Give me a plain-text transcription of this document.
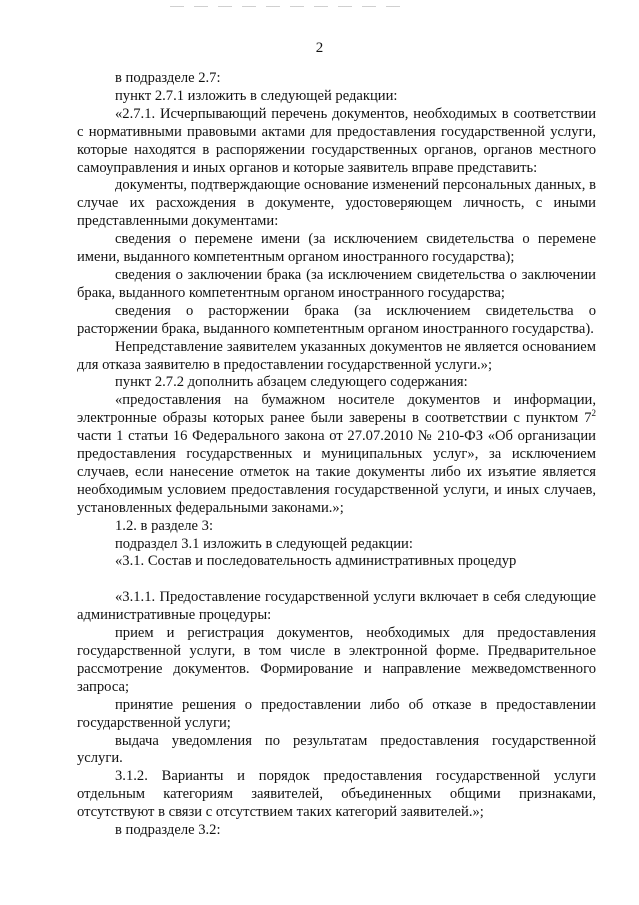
2

в подразделе 2.7:

пункт 2.7.1 изложить в следующей редакции:

«2.7.1. Исчерпывающий перечень документов, необходимых в соответствии с нормативными правовыми актами для предоставления государственной услуги, которые находятся в распоряжении государственных органов, органов местного самоуправления и иных органов и которые заявитель вправе представить:

документы, подтверждающие основание изменений персональных данных, в случае их расхождения в документе, удостоверяющем личность, с иными представленными документами:

сведения о перемене имени (за исключением свидетельства о перемене имени, выданного компетентным органом иностранного государства);

сведения о заключении брака (за исключением свидетельства о заключении брака, выданного компетентным органом иностранного государства;

сведения о расторжении брака (за исключением свидетельства о расторжении брака, выданного компетентным органом иностранного государства).

Непредставление заявителем указанных документов не является основанием для отказа заявителю в предоставлении государственной услуги.»;

пункт 2.7.2 дополнить абзацем следующего содержания:

«предоставления на бумажном носителе документов и информации, электронные образы которых ранее были заверены в соответствии с пунктом $7^2$ части 1 статьи 16 Федерального закона от 27.07.2010 № 210-ФЗ «Об организации предоставления государственных и муниципальных услуг», за исключением случаев, если нанесение отметок на такие документы либо их изъятие является необходимым условием предоставления государственной услуги, и иных случаев, установленных федеральными законами.»;

1.2. в разделе 3:

подраздел 3.1 изложить в следующей редакции:

«3.1. Состав и последовательность административных процедур

«3.1.1. Предоставление государственной услуги включает в себя следующие административные процедуры:

прием и регистрация документов, необходимых для предоставления государственной услуги, в том числе в электронной форме. Предварительное рассмотрение документов. Формирование и направление межведомственного запроса;

принятие решения о предоставлении либо об отказе в предоставлении государственной услуги;

выдача уведомления по результатам предоставления государственной услуги.

3.1.2. Варианты и порядок предоставления государственной услуги отдельным категориям заявителей, объединенных общими признаками, отсутствуют в связи с отсутствием таких категорий заявителей.»;

в подразделе 3.2:
